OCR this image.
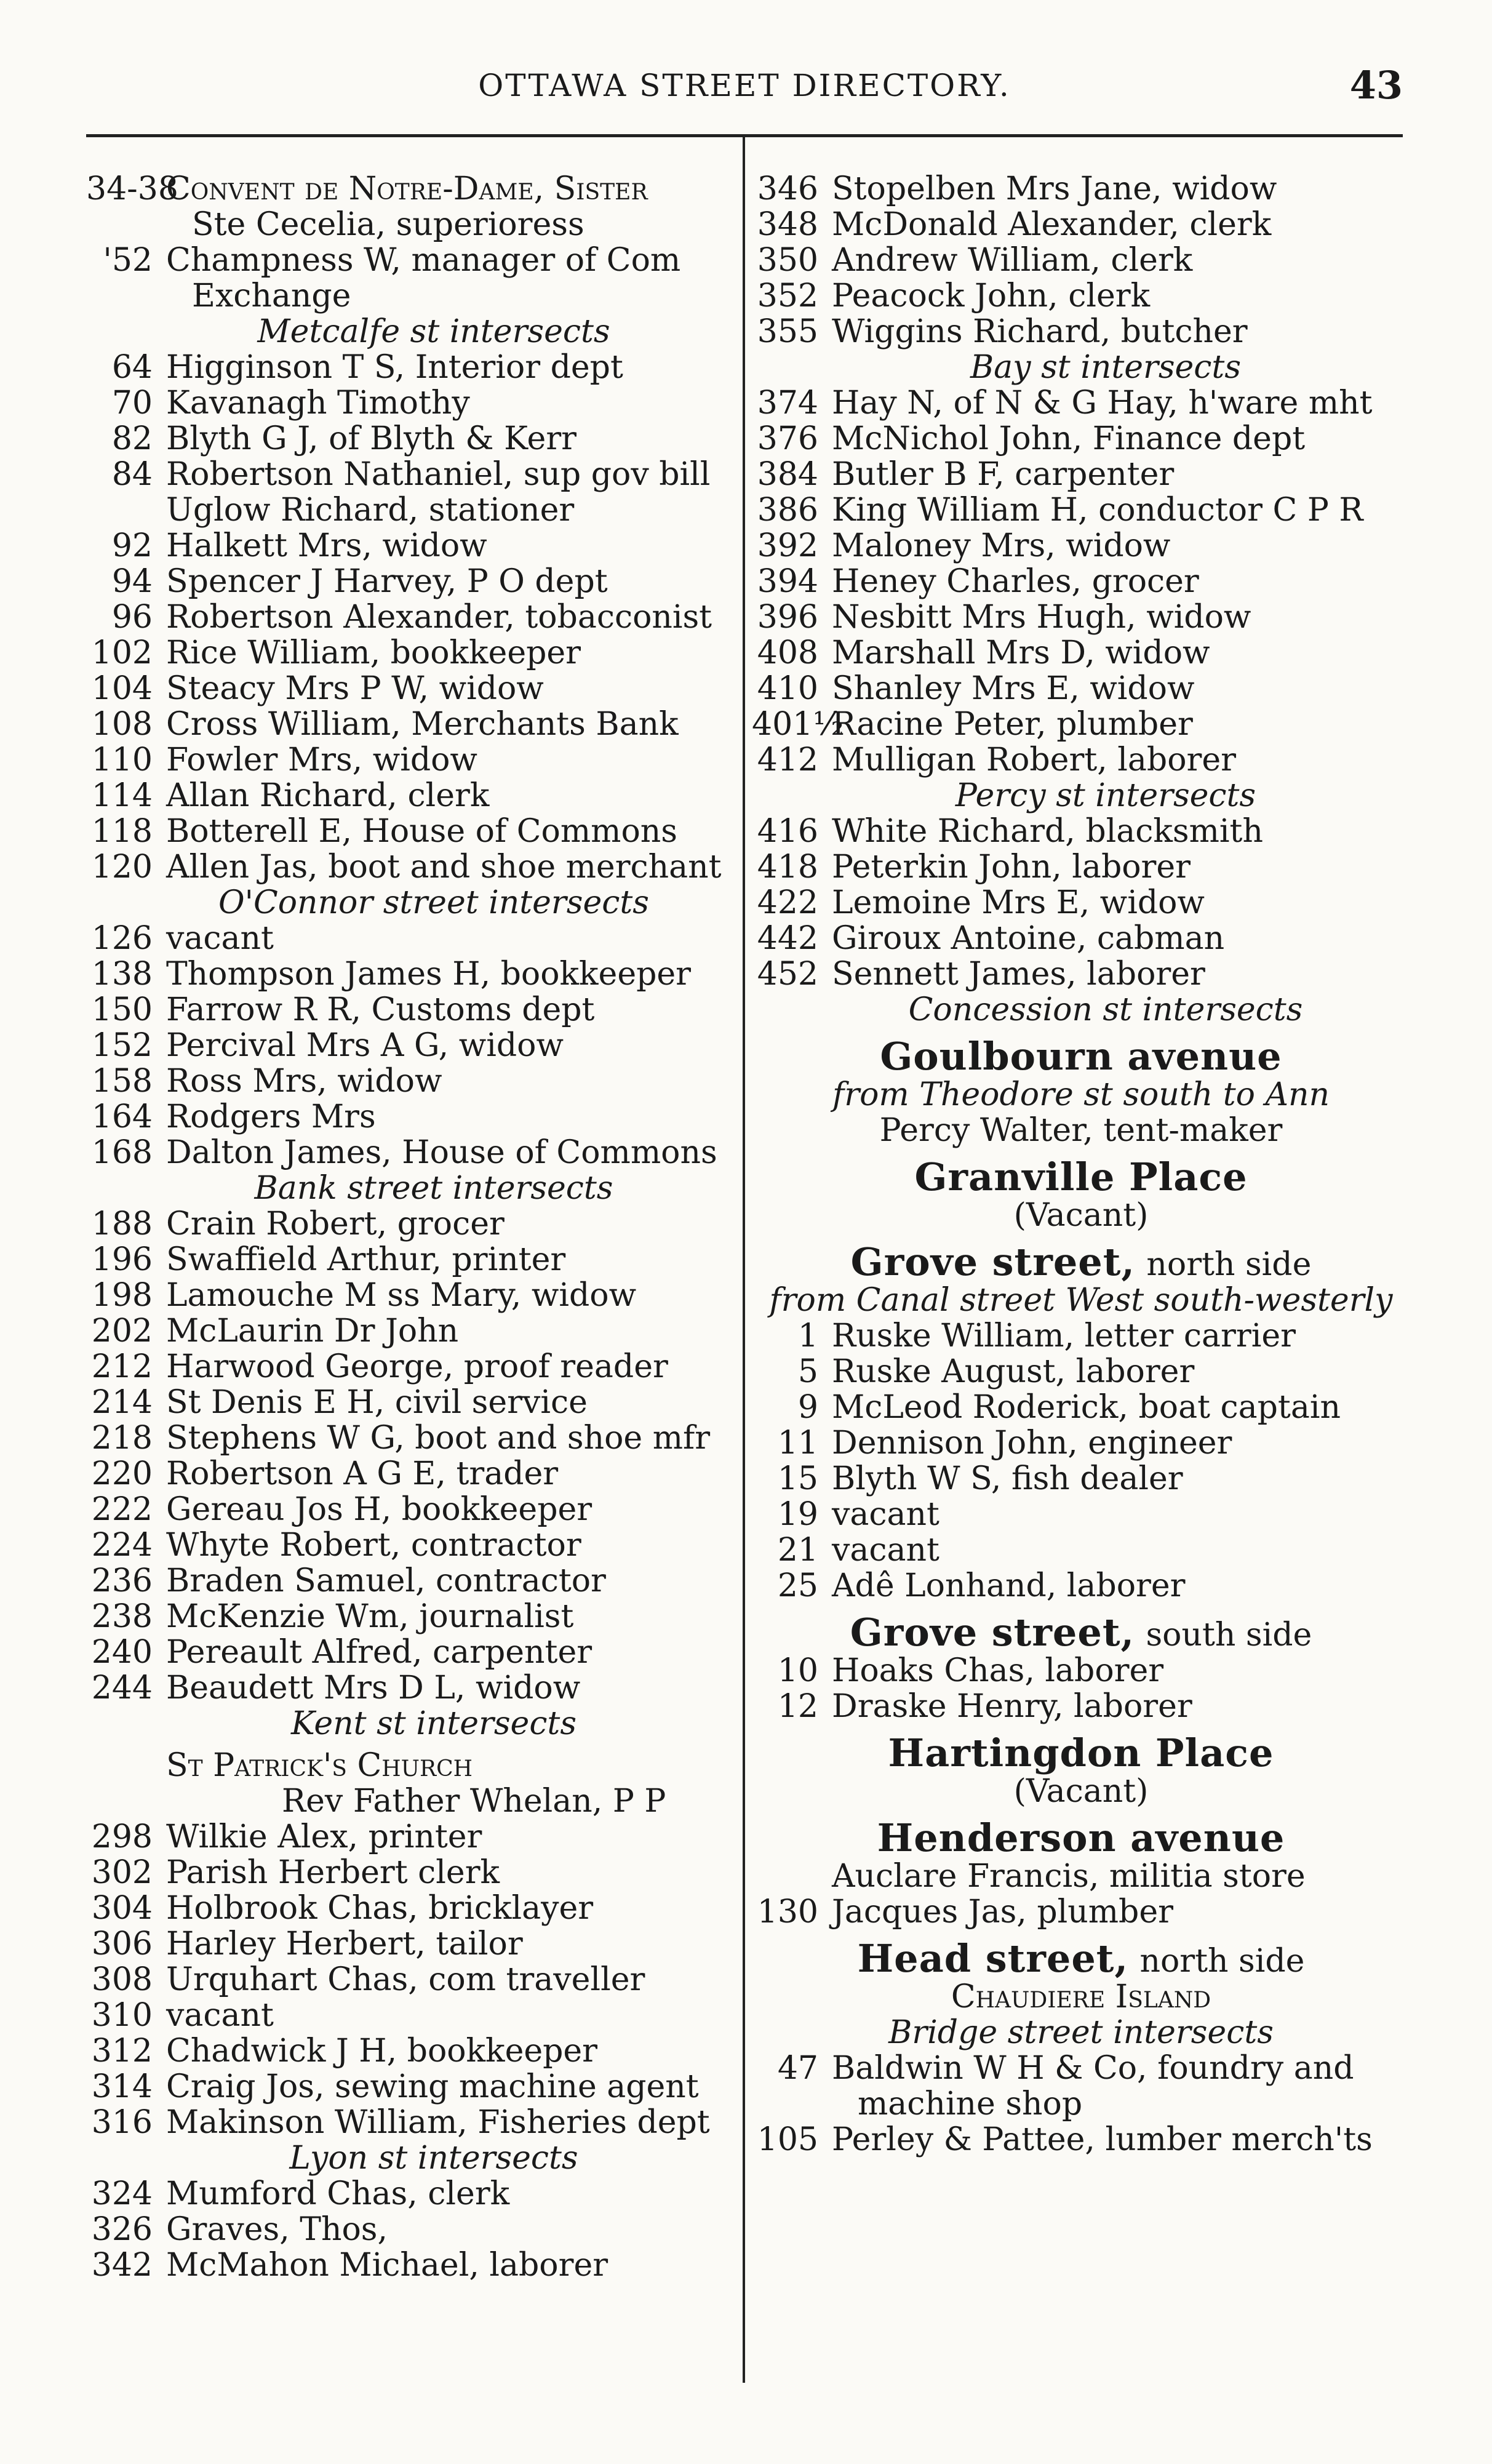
OTTAWA STREET DIRECTORY.	43
34-38
Convent de Notre-Dame, Sister
Ste Cecelia, superioress
'52 Champness W, manager of Com
Exchange
Metcalfe st intersects
64 Higginson T S, Interior dept
70 Kavanagh Timothy
82 Blyth G J, of Blyth & Kerr
84 Robertson Nathaniel, sup gov bill
Uglow Richard, stationer
92 Halkett Mrs, widow
94 Spencer J Harvey, P O dept
96 Robertson Alexander, tobacconist
102 Rice William, bookkeeper
104 Steacy Mrs P W, widow
108 Cross William, Merchants Bank
110 Fowler Mrs, widow
114 Allan Richard, clerk
118 Botterell E, House of Commons
120 Allen Jas, boot and shoe merchant
O'Connor street intersects
126 vacant
138 Thompson James H, bookkeeper
150 Farrow R R, Customs dept
152 Percival Mrs A G, widow
158 Ross Mrs, widow
164 Rodgers Mrs
168 Dalton James, House of Commons
Bank street intersects
188 Crain Robert, grocer
196 Swaffield Arthur, printer
198 Lamouche M ss Mary, widow
202 McLaurin Dr John
212 Harwood George, proof reader
214 St Denis E H, civil service
218 Stephens W G, boot and shoe mfr
220 Robertson A G E, trader
222 Gereau Jos H, bookkeeper
224 Whyte Robert, contractor
236 Braden Samuel, contractor
238 McKenzie Wm, journalist
240 Pereault Alfred, carpenter
244 Beaudett Mrs D L, widow
Kent st intersects
St Patrick's Church
Rev Father Whelan, P P
298 Wilkie Alex, printer
302 Parish Herbert clerk
304 Holbrook Chas, bricklayer
306 Harley Herbert, tailor
308 Urquhart Chas, com traveller
310 vacant
312 Chadwick J H, bookkeeper
314 Craig Jos, sewing machine agent
316 Makinson William, Fisheries dept
Lyon st intersects
324 Mumford Chas, clerk
326 Graves, Thos,
342 McMahon Michael, laborer
346 Stopelben Mrs Jane, widow
348 McDonald Alexander, clerk
350 Andrew William, clerk
352 Peacock John, clerk
355 Wiggins Richard, butcher
Bay st intersects
374 Hay N, of N & G Hay, h'ware mht
376 McNichol John, Finance dept
384 Butler B F, carpenter
386 King William H, conductor C P R
392 Maloney Mrs, widow
394 Heney Charles, grocer
396 Nesbitt Mrs Hugh, widow
408 Marshall Mrs D, widow
410 Shanley Mrs E, widow
401½
Racine Peter, plumber
412 Mulligan Robert, laborer
Percy st intersects
416 White Richard, blacksmith
418 Peterkin John, laborer
422 Lemoine Mrs E, widow
442 Giroux Antoine, cabman
452 Sennett James, laborer
Concession st intersects
Goulbourn avenue
from Theodore st south to Ann
Percy Walter, tent-maker
Granville Place
(Vacant)
Grove street, north side
from Canal street West south-westerly
1 Ruske William, letter carrier
5 Ruske August, laborer
9 McLeod Roderick, boat captain
11 Dennison John, engineer
15 Blyth W S, fish dealer
19 vacant
21 vacant
25 Adê Lonhand, laborer
Grove street, south side
10 Hoaks Chas, laborer
12 Draske Henry, laborer
Hartingdon Place
(Vacant)
Henderson avenue
Auclare Francis, militia store
130 Jacques Jas, plumber
Head street, north side
Chaudiere Island
Bridge street intersects
47 Baldwin W H & Co, foundry and
machine shop
105 Perley & Pattee, lumber merch'ts
